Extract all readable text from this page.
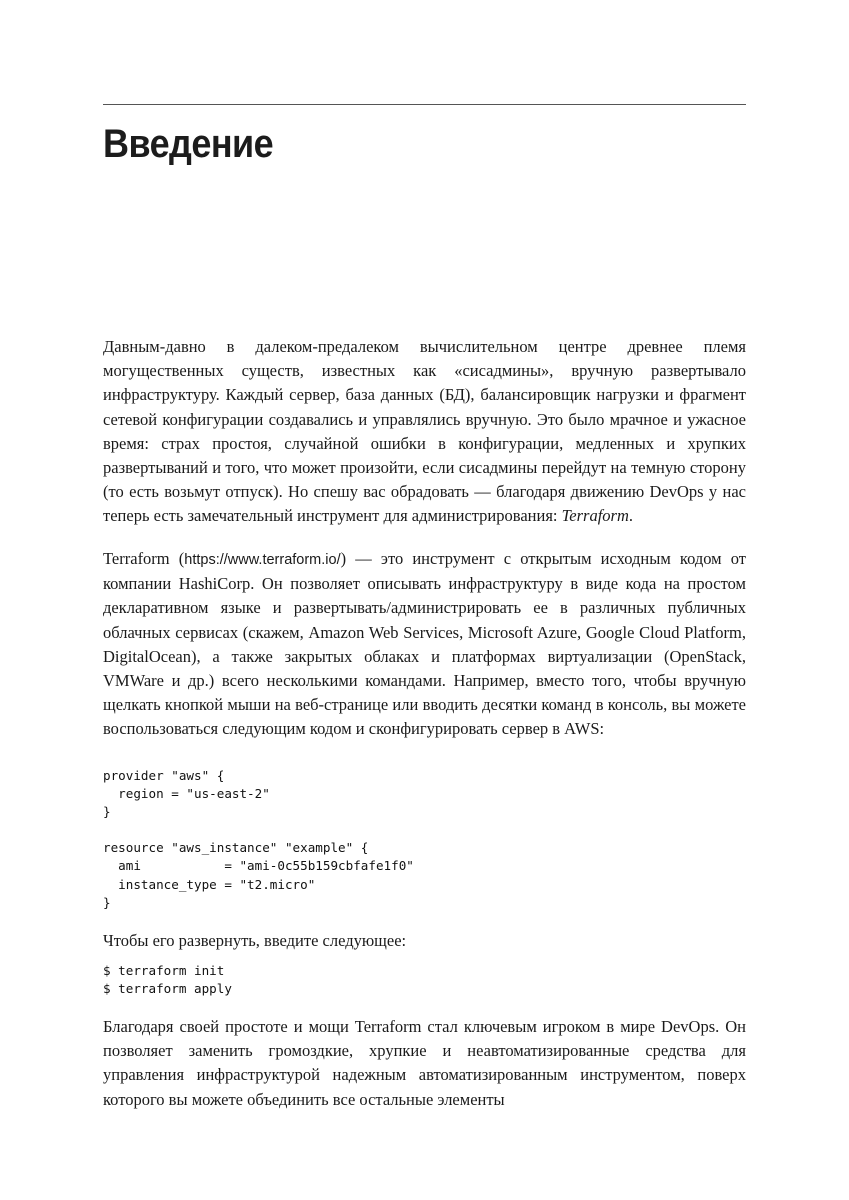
Введение

Давным-давно в далеком-предалеком вычислительном центре древнее племя могущественных существ, известных как «сисадмины», вручную развертывало инфраструктуру. Каждый сервер, база данных (БД), балансировщик нагрузки и фрагмент сетевой конфигурации создавались и управлялись вручную. Это было мрачное и ужасное время: страх простоя, случайной ошибки в конфигурации, медленных и хрупких развертываний и того, что может произойти, если сисадмины перейдут на темную сторону (то есть возьмут отпуск). Но спешу вас обрадовать — благодаря движению DevOps у нас теперь есть замечательный инструмент для администрирования: Terraform.

Terraform (https://www.terraform.io/) — это инструмент с открытым исходным кодом от компании HashiCorp. Он позволяет описывать инфраструктуру в виде кода на простом декларативном языке и развертывать/администрировать ее в различных публичных облачных сервисах (скажем, Amazon Web Services, Microsoft Azure, Google Cloud Platform, DigitalOcean), а также закрытых облаках и платформах виртуализации (OpenStack, VMWare и др.) всего несколькими командами. Например, вместо того, чтобы вручную щелкать кнопкой мыши на веб-странице или вводить десятки команд в консоль, вы можете воспользоваться следующим кодом и сконфигурировать сервер в AWS:

provider "aws" {
region = "us-east-2"
}

resource "aws_instance" "example" {
ami           = "ami-0c55b159cbfafe1f0"
instance_type = "t2.micro"
}

Чтобы его развернуть, введите следующее:

$ terraform init
$ terraform apply

Благодаря своей простоте и мощи Terraform стал ключевым игроком в мире DevOps. Он позволяет заменить громоздкие, хрупкие и неавтоматизированные средства для управления инфраструктурой надежным автоматизированным инструментом, поверх которого вы можете объединить все остальные элементы
